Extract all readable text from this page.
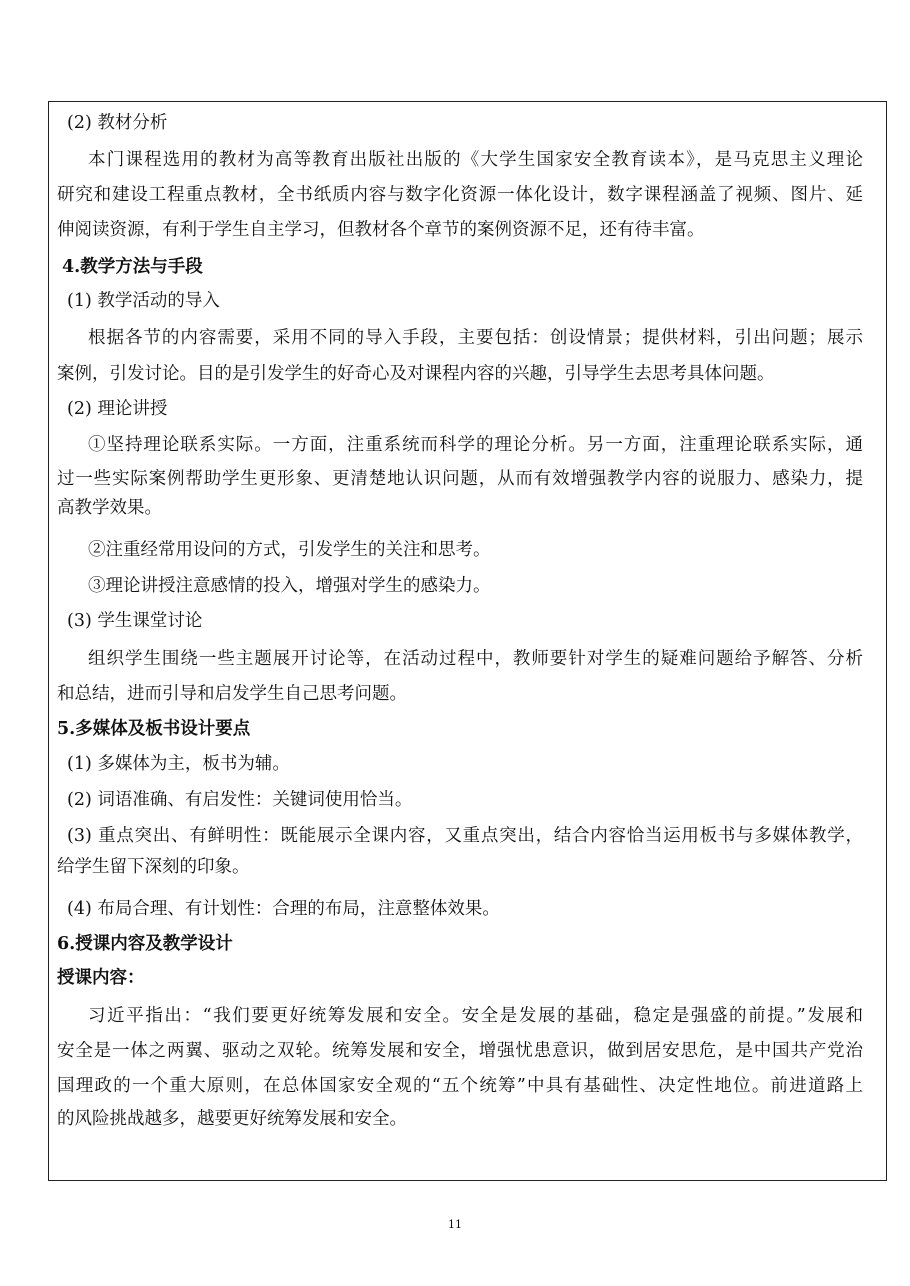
(2) 教材分析
本门课程选用的教材为高等教育出版社出版的《大学生国家安全教育读本》，是马克思主义理论
研究和建设工程重点教材，全书纸质内容与数字化资源一体化设计，数字课程涵盖了视频、图片、延
伸阅读资源，有利于学生自主学习，但教材各个章节的案例资源不足，还有待丰富。
4.教学方法与手段
(1) 教学活动的导入
根据各节的内容需要，采用不同的导入手段，主要包括：创设情景；提供材料，引出问题；展示
案例，引发讨论。目的是引发学生的好奇心及对课程内容的兴趣，引导学生去思考具体问题。
(2) 理论讲授
①坚持理论联系实际。一方面，注重系统而科学的理论分析。另一方面，注重理论联系实际，通
过一些实际案例帮助学生更形象、更清楚地认识问题，从而有效增强教学内容的说服力、感染力，提
高教学效果。
②注重经常用设问的方式，引发学生的关注和思考。
③理论讲授注意感情的投入，增强对学生的感染力。
(3) 学生课堂讨论
组织学生围绕一些主题展开讨论等，在活动过程中，教师要针对学生的疑难问题给予解答、分析
和总结，进而引导和启发学生自己思考问题。
5.多媒体及板书设计要点
(1) 多媒体为主，板书为辅。
(2) 词语准确、有启发性：关键词使用恰当。
(3) 重点突出、有鲜明性：既能展示全课内容，又重点突出，结合内容恰当运用板书与多媒体教学，
给学生留下深刻的印象。
(4) 布局合理、有计划性：合理的布局，注意整体效果。
6.授课内容及教学设计
授课内容：
习近平指出：“我们要更好统筹发展和安全。安全是发展的基础，稳定是强盛的前提。”发展和
安全是一体之两翼、驱动之双轮。统筹发展和安全，增强忧患意识，做到居安思危，是中国共产党治
国理政的一个重大原则，在总体国家安全观的“五个统筹”中具有基础性、决定性地位。前进道路上
的风险挑战越多，越要更好统筹发展和安全。
11
